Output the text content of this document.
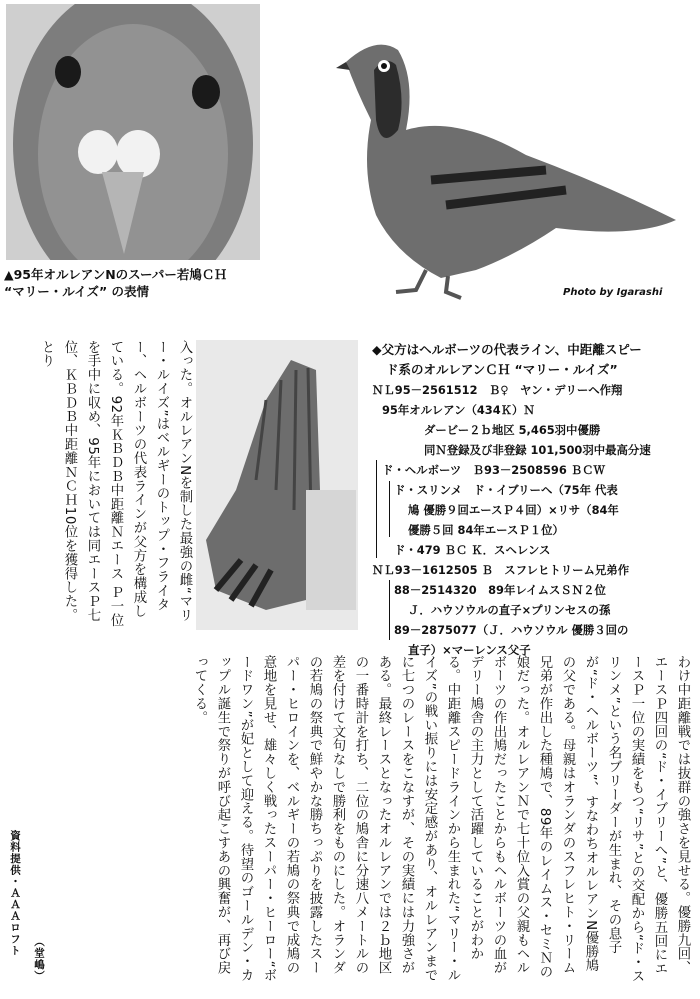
▲95年オルレアンNのスーパー若鳩ＣＨ
“マリー・ルイズ” の表情	Photo by Igarashi
入った。オルレアンNを制した最強の雌“マリー・ルイズ”はベルギーのトップ・フライター、ヘルボーツの代表ラインが父方を構成している。92年ＫＢＤＢ中距離Ｎエース Ｐ一位を手中に収め、95年においては同エースＰ七位、ＫＢＤＢ中距離ＮＣＨ10位を獲得した。とり	◆父方はヘルボーツの代表ライン、中距離スピー
ド系のオルレアンＣＨ “マリー・ルイズ”
ＮＬ95－2561512　Ｂ♀　ヤン・デリーへ作翔
95年オルレアン（434Ｋ）Ｎ
ダービー２ｂ地区 5,465羽中優勝
同Ｎ登録及び非登録 101,500羽中最高分速
ド・ヘルボーツ　Ｂ93－2508596 ＢＣＷ
ド・スリンメ　ド・イブリーへ（75年 代表
鳩 優勝９回エースＰ４回）×リサ（84年
優勝５回 84年エースＰ１位）
ド・479 ＢＣ Ｋ．スヘレンス
ＮＬ93－1612505 Ｂ　スフレヒトリーム兄弟作
88－2514320　89年レイムスＳＮ２位
Ｊ．ハウソウルの直子×プリンセスの孫
89－2875077（Ｊ．ハウソウル 優勝３回の
直子）×マーレンス父子
わけ中距離戦では抜群の強さを見せる。優勝九回、エースＰ四回の“ド・イブリーへ”と、優勝五回にエースＰ一位の実績をもつ“リサ”との交配から“ド・スリンメ”という名ブリーダーが生まれ、その息子が“ド・ヘルボーツ”、すなわちオルレアンN優勝鳩の父である。母親はオランダのスフレヒト・リーム兄弟が作出した種鳩で、89年のレイムス・セミＮの娘だった。オルレアンＮで七十位入賞の父親もヘルボーツの作出鳩だったことからもヘルボーツの血がデリー鳩舎の主力として活躍していることがわかる。中距離スピードラインから生まれた“マリー・ルイズ”の戦い振りには安定感があり、オルレアンまでに七つのレースをこなすが、その実績には力強さがある。最終レースとなったオルレアンでは２ｂ地区の一番時計を打ち、二位の鳩舎に分速八メートルの差を付けて文句なしで勝利をものにした。オランダの若鳩の祭典で鮮やかな勝ちっぷりを披露したスーパー・ヒロインを、ベルギーの若鳩の祭典で成鳩の意地を見せ、雄々しく戦ったスーパー・ヒーロー“ボードワン”が妃として迎える。待望のゴールデン・カップル誕生で祭りが呼び起こすあの興奮が、再び戻ってくる。
（堂嶋）
資料提供・ＡＡＡロフト
